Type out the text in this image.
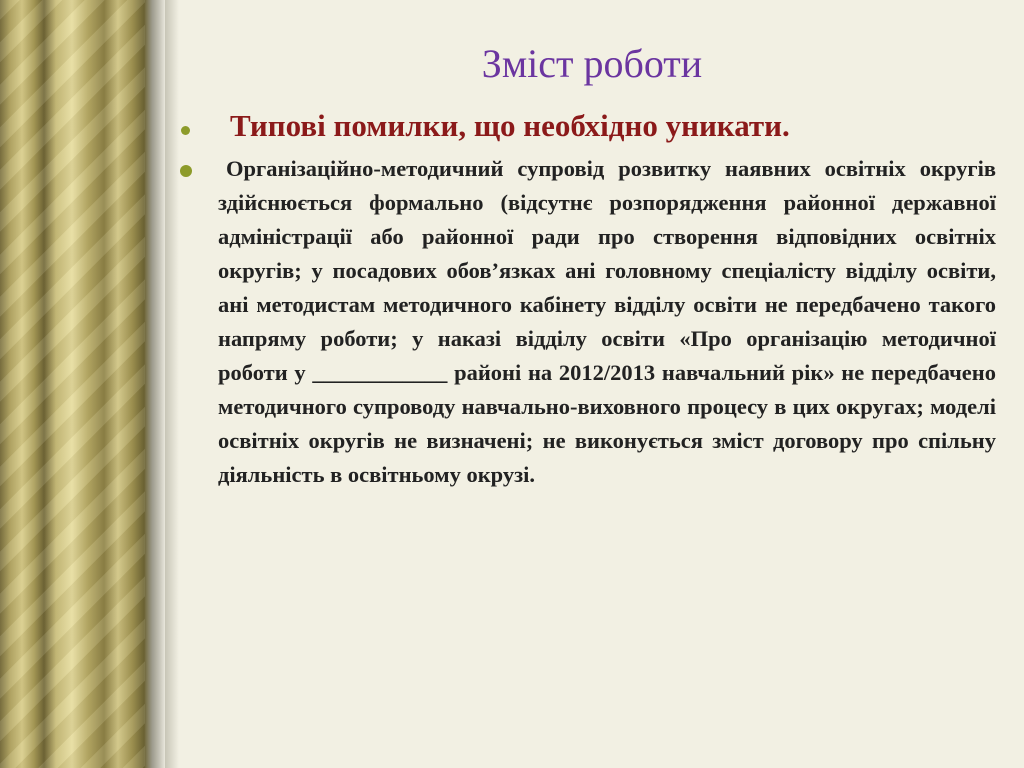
Зміст роботи
Типові помилки, що необхідно уникати.
Організаційно-методичний супровід розвитку наявних освітніх округів здійснюється формально (відсутнє розпорядження районної державної адміністрації або районної ради про створення відповідних освітніх округів; у посадових обов’язках ані головному спеціалісту відділу освіти, ані методистам методичного кабінету відділу освіти не передбачено такого напряму роботи; у наказі відділу освіти «Про організацію методичної роботи у ____________ районі на 2012/2013 навчальний рік» не передбачено методичного супроводу навчально-виховного процесу в цих округах; моделі освітніх округів не визначені; не виконується зміст договору про спільну діяльність в освітньому окрузі.
